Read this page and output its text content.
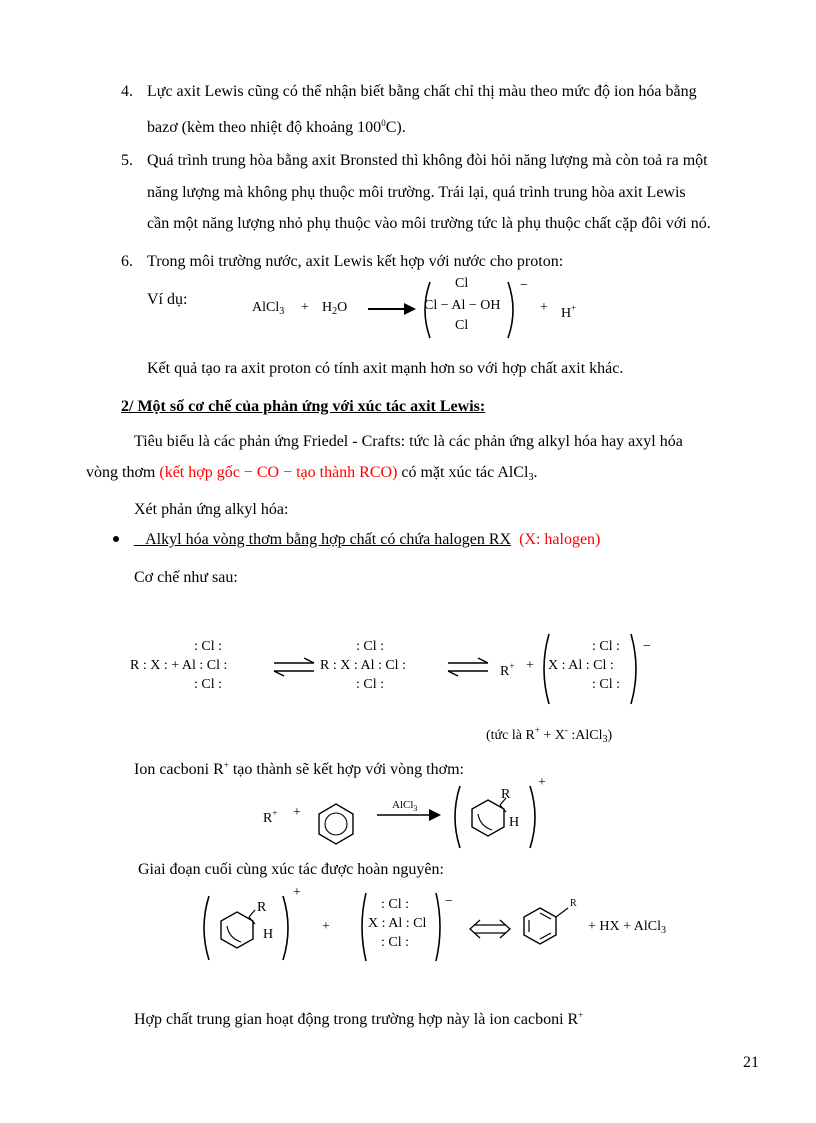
4. Lực axit Lewis cũng có thể nhận biết bằng chất chỉ thị màu theo mức độ ion hóa bằng
bazơ (kèm theo nhiệt độ khoảng $100^0C$).
5. Quá trình trung hòa bằng axit Bronsted thì không đòi hỏi năng lượng mà còn toả ra một
năng lượng mà không phụ thuộc môi trường. Trái lại, quá trình trung hòa axit Lewis
cần một năng lượng nhỏ phụ thuộc vào môi trường tức là phụ thuộc chất cặp đôi với nó.
6. Trong môi trường nước, axit Lewis kết hợp với nước cho proton:
Ví dụ:	AlCl$_3$ + $H_2O$
Cl
Cl − Al − OH
Cl
−
+ H+
Kết quả tạo ra axit proton có tính axit mạnh hơn so với hợp chất axit khác.
2/ Một số cơ chế của phản ứng với xúc tác axit Lewis:
Tiêu biểu là các phản ứng Friedel - Crafts: tức là các phản ứng alkyl hóa hay axyl hóa
vòng thơm (kết hợp gốc − CO − tạo thành RCO) có mặt xúc tác AlCl$_3$.
Xét phản ứng alkyl hóa:
_ Alkyl hóa vòng thơm bằng hợp chất có chứa halogen RX (X: halogen)
Cơ chế như sau:
: Cl :
R : X : + Al : Cl :
: Cl :
: Cl :
R : X : Al : Cl :
: Cl :
⇌ R+ +
: Cl :
X : Al : Cl :
: Cl :
−
(tức là R+ + X- :AlCl$_3$)
Ion cacboni R+ tạo thành sẽ kết hợp với vòng thơm:
R+ +	AlCl$_3$
R
H
+
Giai đoạn cuối cùng xúc tác được hoàn nguyên:
R
H
+
+
: Cl :
X : Al : Cl
: Cl :
−	R
+ HX + AlCl$_3$
Hợp chất trung gian hoạt động trong trường hợp này là ion cacboni R+
21
